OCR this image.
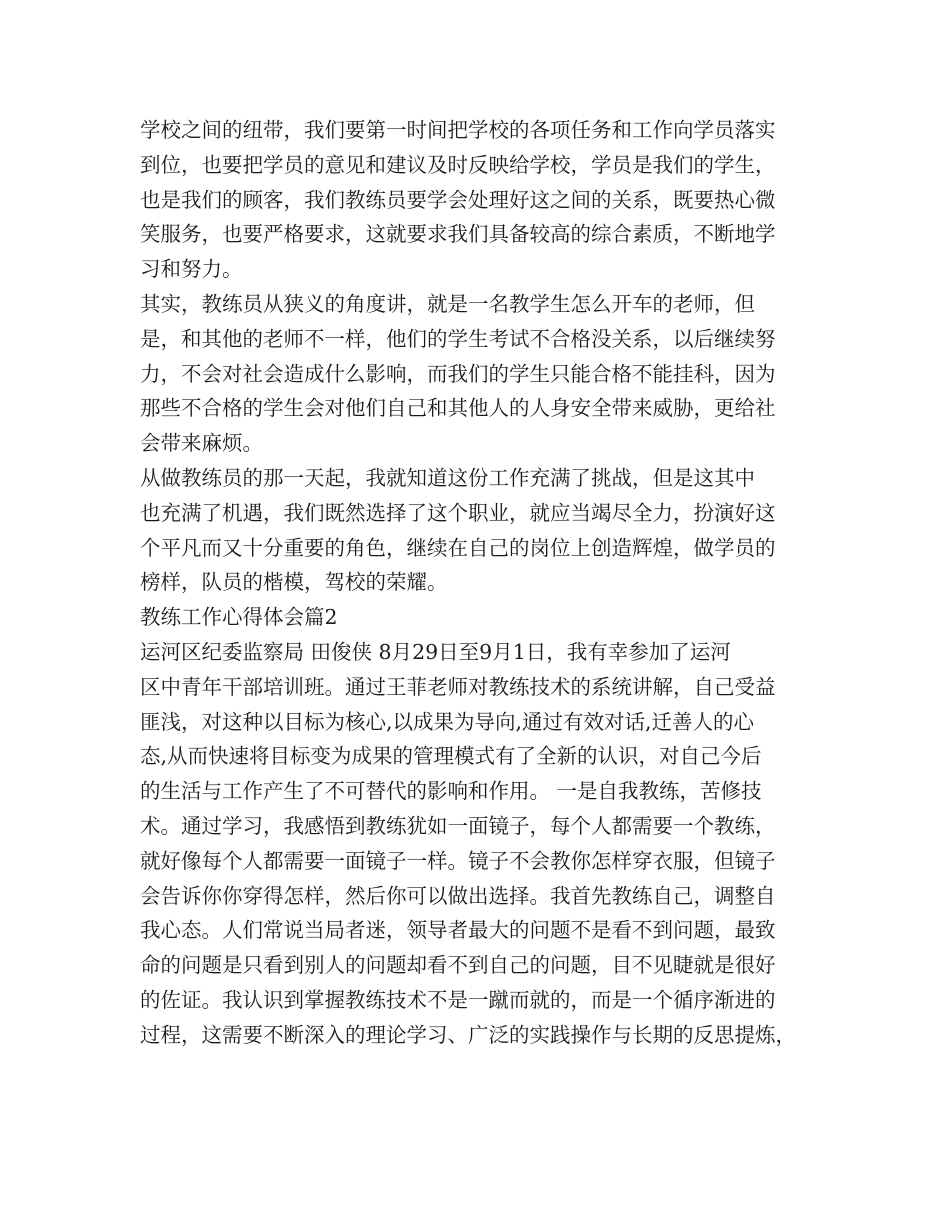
学校之间的纽带，我们要第一时间把学校的各项任务和工作向学员落实
到位，也要把学员的意见和建议及时反映给学校，学员是我们的学生，
也是我们的顾客，我们教练员要学会处理好这之间的关系，既要热心微
笑服务，也要严格要求，这就要求我们具备较高的综合素质，不断地学
习和努力。
其实，教练员从狭义的角度讲，就是一名教学生怎么开车的老师，但
是，和其他的老师不一样，他们的学生考试不合格没关系，以后继续努
力，不会对社会造成什么影响，而我们的学生只能合格不能挂科，因为
那些不合格的学生会对他们自己和其他人的人身安全带来威胁，更给社
会带来麻烦。
从做教练员的那一天起，我就知道这份工作充满了挑战，但是这其中
也充满了机遇，我们既然选择了这个职业，就应当竭尽全力，扮演好这
个平凡而又十分重要的角色，继续在自己的岗位上创造辉煌，做学员的
榜样，队员的楷模，驾校的荣耀。
教练工作心得体会篇2
运河区纪委监察局 田俊侠 8月29日至9月1日，我有幸参加了运河
区中青年干部培训班。通过王菲老师对教练技术的系统讲解，自己受益
匪浅，对这种以目标为核心,以成果为导向,通过有效对话,迁善人的心
态,从而快速将目标变为成果的管理模式有了全新的认识，对自己今后
的生活与工作产生了不可替代的影响和作用。 一是自我教练，苦修技
术。通过学习，我感悟到教练犹如一面镜子，每个人都需要一个教练，
就好像每个人都需要一面镜子一样。镜子不会教你怎样穿衣服，但镜子
会告诉你你穿得怎样，然后你可以做出选择。我首先教练自己，调整自
我心态。人们常说当局者迷，领导者最大的问题不是看不到问题，最致
命的问题是只看到别人的问题却看不到自己的问题，目不见睫就是很好
的佐证。我认识到掌握教练技术不是一蹴而就的，而是一个循序渐进的
过程，这需要不断深入的理论学习、广泛的实践操作与长期的反思提炼，
